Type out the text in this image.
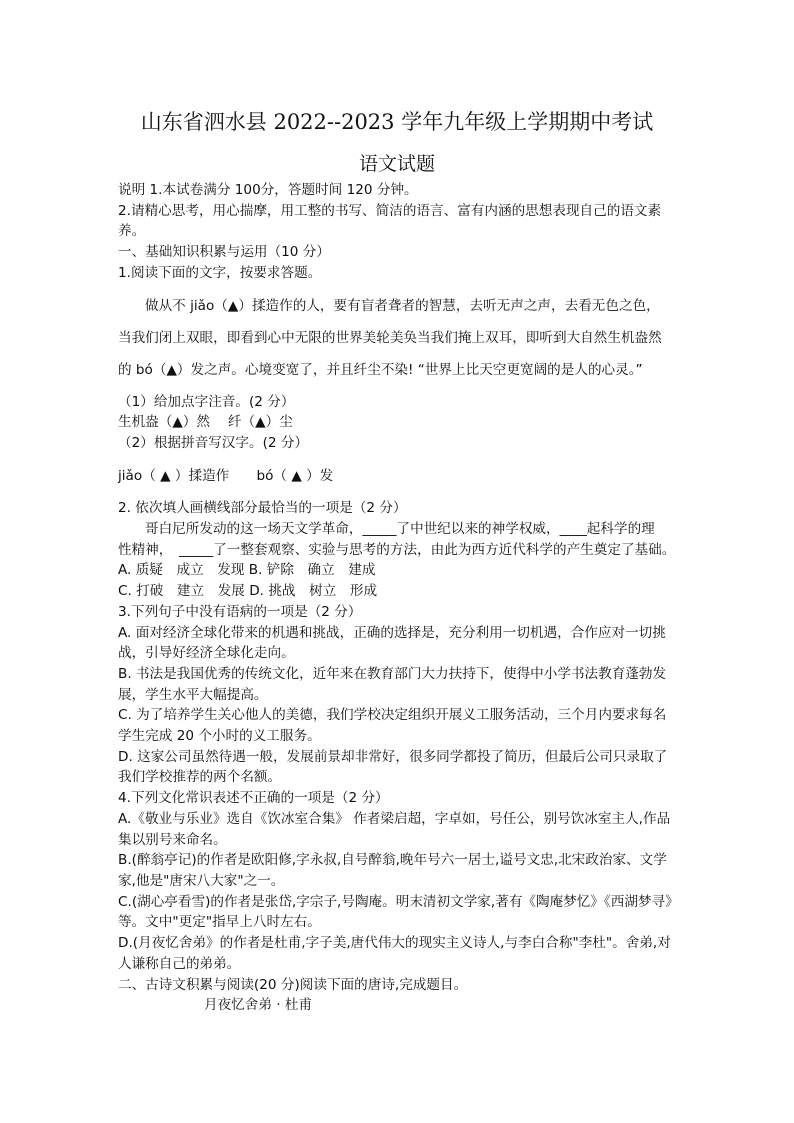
山东省泗水县 2022--2023 学年九年级上学期期中考试
语文试题
说明 1.本试卷满分 100分，答题时间 120 分钟。
2.请精心思考，用心揣摩，用工整的书写、简洁的语言、富有内涵的思想表现自己的语文素养。
一、基础知识积累与运用（10 分）
1.阅读下面的文字，按要求答题。
做从不 jiǎo（▲）揉造作的人，要有盲者聋者的智慧，去听无声之声，去看无色之色，
当我们闭上双眼，即看到心中无限的世界美轮美奂当我们掩上双耳，即听到大自然生机盎然
的 bó（▲）发之声。心境变宽了，并且纤尘不染! “世界上比天空更宽阔的是人的心灵。”
（1）给加点字注音。(2 分）
生机盎（▲）然　 纤（▲）尘
（2）根据拼音写汉字。(2 分）
jiǎo（ ▲ ）揉造作　　bó（ ▲ ）发
2. 依次填人画横线部分最恰当的一项是（2 分）
哥白尼所发动的这一场天文学革命，_____了中世纪以来的神学权威，____起科学的理
性精神，　_____了一整套观察、实验与思考的方法，由此为西方近代科学的产生奠定了基础。
A. 质疑　成立　发现 B. 铲除　确立　建成
C. 打破　建立　发展 D. 挑战　树立　形成
3.下列句子中没有语病的一项是（2 分）
A. 面对经济全球化带来的机遇和挑战，正确的选择是，充分利用一切机遇，合作应对一切挑战，引导好经济全球化走向。
B. 书法是我国优秀的传统文化，近年来在教育部门大力扶持下，使得中小学书法教育蓬勃发展，学生水平大幅提高。
C. 为了培养学生关心他人的美德，我们学校决定组织开展义工服务活动，三个月内要求每名学生完成 20 个小时的义工服务。
D. 这家公司虽然待遇一般，发展前景却非常好，很多同学都投了简历，但最后公司只录取了我们学校推荐的两个名额。
4.下列文化常识表述不正确的一项是（2 分）
A.《敬业与乐业》选自《饮冰室合集》 作者梁启超，字卓如，号任公，别号饮冰室主人,作品集以别号来命名。
B.(醉翁亭记)的作者是欧阳修,字永叔,自号醉翁,晚年号六一居士,谥号文忠,北宋政治家、文学家,他是"唐宋八大家"之一。
C.(湖心亭看雪)的作者是张岱,字宗子,号陶庵。明末清初文学家,著有《陶庵梦忆》《西湖梦寻》等。文中"更定"指早上八时左右。
D.(月夜忆舍弟》的作者是杜甫,字子美,唐代伟大的现实主义诗人,与李白合称"李杜"。舍弟,对人谦称自己的弟弟。
二、古诗文积累与阅读(20 分)阅读下面的唐诗,完成题目。
月夜忆舍弟 · 杜甫
